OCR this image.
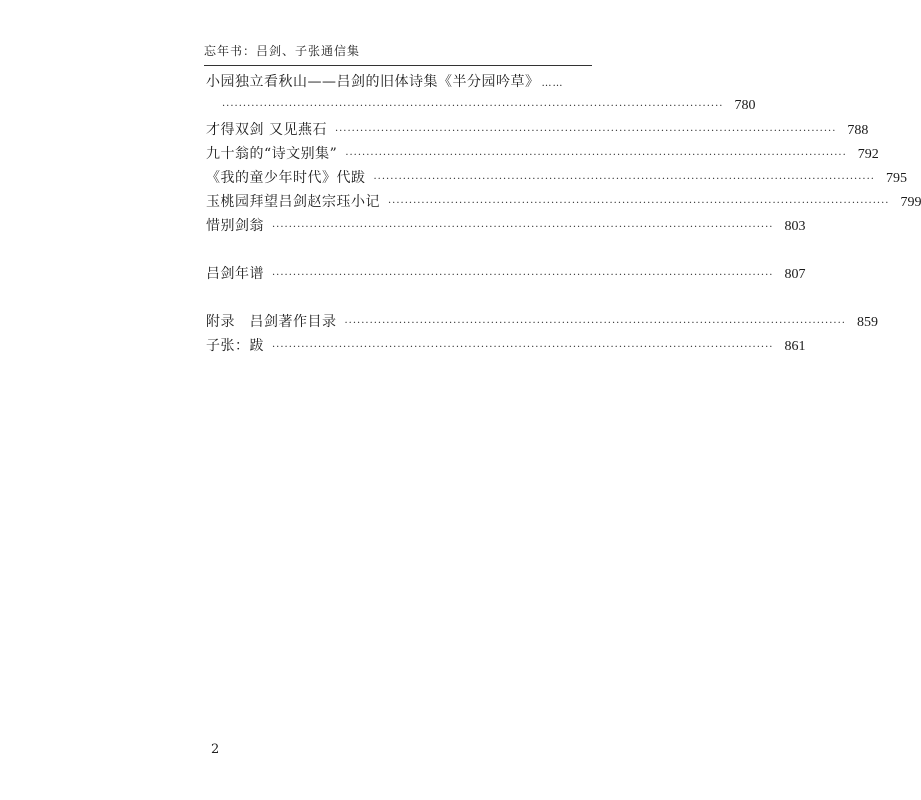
忘年书：吕剑、子张通信集
小园独立看秋山——吕剑的旧体诗集《半分园吟草》 ……
························································································································ 780
才得双剑 又见燕石 ························································································································ 788
九十翁的“诗文别集” ························································································································ 792
《我的童少年时代》代跋 ························································································································ 795
玉桃园拜望吕剑赵宗珏小记 ························································································································ 799
惜别剑翁 ························································································································ 803
吕剑年谱 ························································································································ 807
附录　吕剑著作目录 ························································································································ 859
子张：跋 ························································································································ 861
2
